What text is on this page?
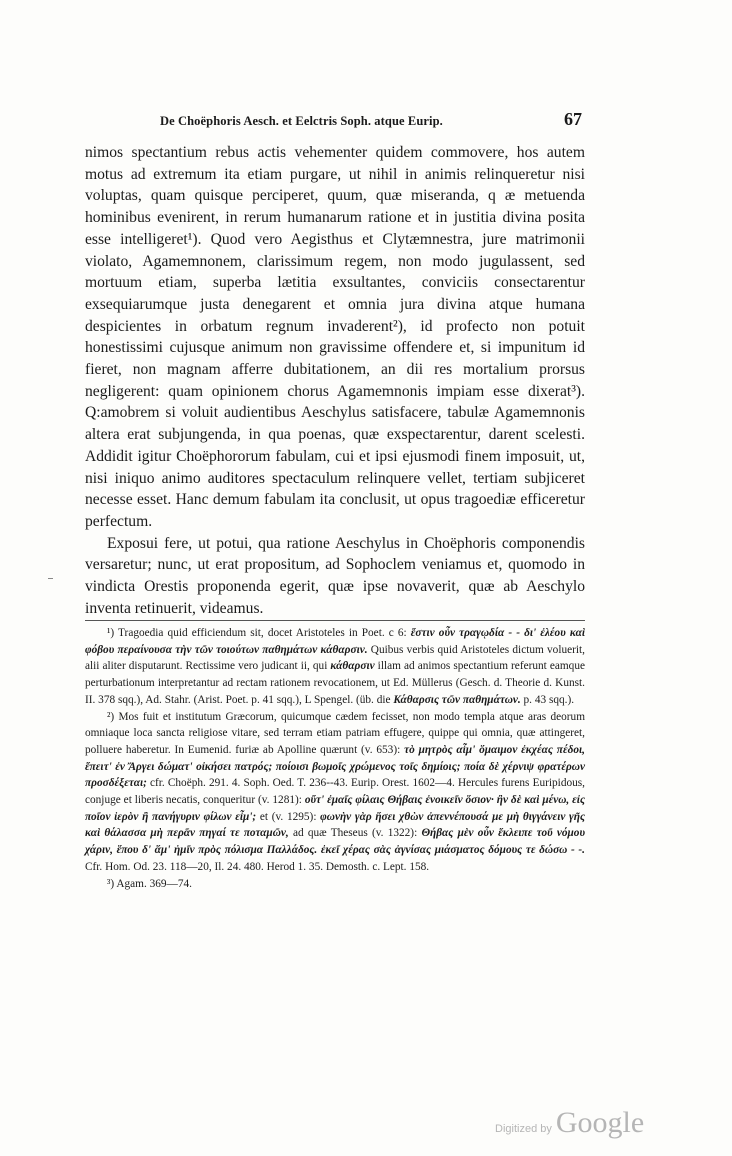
De Choëphoris Aesch. et Eelctris Soph. atque Eurip.	67

nimos spectantium rebus actis vehementer quidem commovere, hos autem motus ad extremum ita etiam purgare, ut nihil in animis relinqueretur nisi voluptas, quam quisque perciperet, quum, quæ miseranda, q æ metuenda hominibus evenirent, in rerum humanarum ratione et in justitia divina posita esse intelligeret¹). Quod vero Aegisthus et Clytæmnestra, jure matrimonii violato, Agamemnonem, clarissimum regem, non modo jugulassent, sed mortuum etiam, superba lætitia exsultantes, conviciis consectarentur exsequiarumque justa denegarent et omnia jura divina atque humana despicientes in orbatum regnum invaderent²), id profecto non potuit honestissimi cujusque animum non gravissime offendere et, si impunitum id fieret, non magnam afferre dubitationem, an dii res mortalium prorsus negligerent: quam opinionem chorus Agamemnonis impiam esse dixerat³). Q:amobrem si voluit audientibus Aeschylus satisfacere, tabulæ Agamemnonis altera erat subjungenda, in qua poenas, quæ exspectarentur, darent scelesti. Addidit igitur Choëphororum fabulam, cui et ipsi ejusmodi finem imposuit, ut, nisi iniquo animo auditores spectaculum relinquere vellet, tertiam subjiceret necesse esset. Hanc demum fabulam ita conclusit, ut opus tragoediæ efficeretur perfectum.

Exposui fere, ut potui, qua ratione Aeschylus in Choëphoris componendis versaretur; nunc, ut erat propositum, ad Sophoclem veniamus et, quomodo in vindicta Orestis proponenda egerit, quæ ipse novaverit, quæ ab Aeschylo inventa retinuerit, videamus.

¹) Tragoedia quid efficiendum sit, docet Aristoteles in Poet. c 6: ἔστιν οὖν τραγῳδία - - δι' ἐλέου καὶ φόβου περαίνουσα τὴν τῶν τοιούτων παθημάτων κάθαρσιν. Quibus verbis quid Aristoteles dictum voluerit, alii aliter disputarunt. Rectissime vero judicant ii, qui κάθαρσιν illam ad animos spectantium referunt eamque perturbationum interpretantur ad rectam rationem revocationem, ut Ed. Müllerus (Gesch. d. Theorie d. Kunst. II. 378 sqq.), Ad. Stahr. (Arist. Poet. p. 41 sqq.), L Spengel. (üb. die Κάθαρσις τῶν παθημάτων. p. 43 sqq.).

²) Mos fuit et institutum Græcorum, quicumque cædem fecisset, non modo templa atque aras deorum omniaque loca sancta religiose vitare, sed terram etiam patriam effugere, quippe qui omnia, quæ attingeret, polluere haberetur. In Eumenid. furiæ ab Apolline quærunt (v. 653): τὸ μητρὸς αἷμ' ὅμαιμον ἐκχέας πέδοι, ἔπειτ' ἐν Ἄργει δώματ' οἰκήσει πατρός; ποίοισι βωμοῖς χρώμενος τοῖς δημίοις; ποία δὲ χέρνιψ φρατέρων προσδέξεται; cfr. Choëph. 291. 4. Soph. Oed. T. 236--43. Eurip. Orest. 1602—4. Hercules furens Euripidous, conjuge et liberis necatis, conqueritur (v. 1281): οὔτ' ἐμαῖς φίλαις Θήβαις ἐνοικεῖν ὅσιον· ἢν δὲ καὶ μένω, εἰς ποῖον ἱερὸν ἢ πανήγυριν φίλων εἶμ'; et (v. 1295): φωνὴν γὰρ ἥσει χθὼν ἀπεννέπουσά με μὴ θιγγάνειν γῆς καὶ θάλασσα μὴ περᾶν πηγαί τε ποταμῶν, ad quæ Theseus (v. 1322): Θήβας μὲν οὖν ἔκλειπε τοῦ νόμου χάριν, ἕπου δ' ἅμ' ἡμῖν πρὸς πόλισμα Παλλάδος. ἐκεῖ χέρας σὰς ἁγνίσας μιάσματος δόμους τε δώσω - -. Cfr. Hom. Od. 23. 118—20, Il. 24. 480. Herod 1. 35. Demosth. c. Lept. 158.

³) Agam. 369—74.

Digitized by Google
